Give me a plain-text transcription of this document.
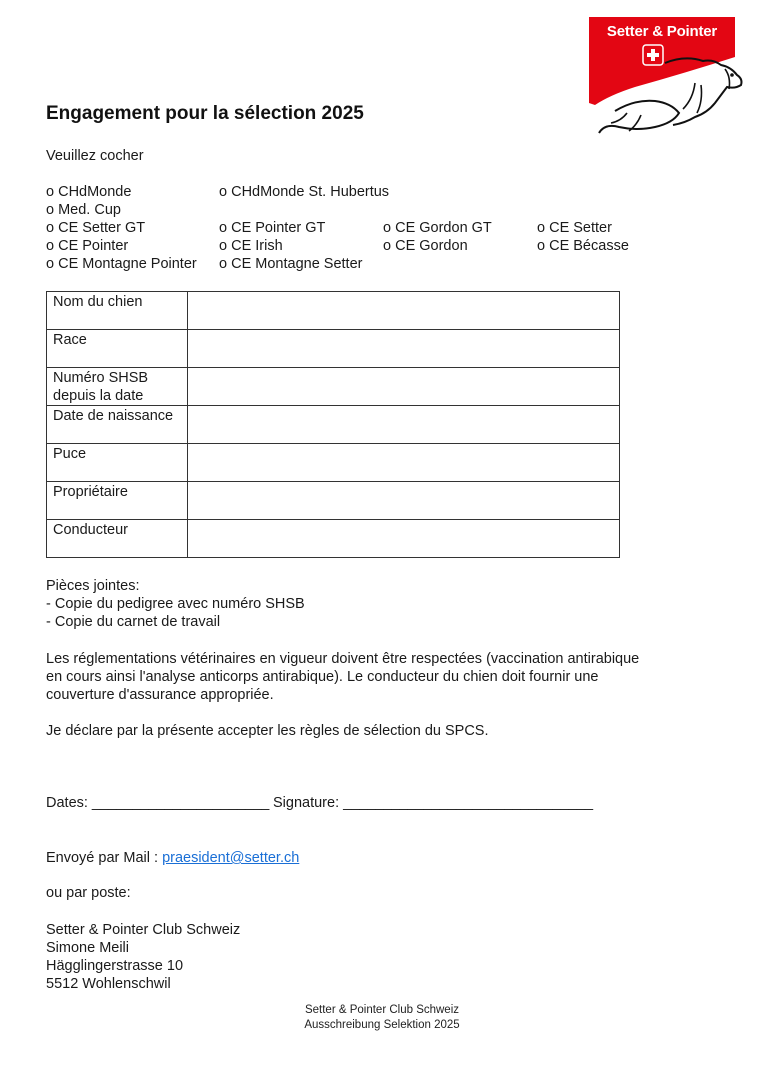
Setter & Pointer
Engagement pour la sélection 2025
Veuillez cocher
o CHdMonde	o CHdMonde St. Hubertus
o Med. Cup
o CE Setter GT	o CE Pointer GT	o CE Gordon GT	o CE Setter
o CE Pointer	o CE Irish	o CE Gordon	o CE Bécasse
o CE Montagne Pointer o CE Montagne Setter
Nom du chien	
Race	
Numéro SHSB depuis la date	
Date de naissance	
Puce	
Propriétaire	
Conducteur	
Pièces jointes:
- Copie du pedigree avec numéro SHSB
- Copie du carnet de travail
Les réglementations vétérinaires en vigueur doivent être respectées (vaccination antirabique
en cours ainsi l'analyse anticorps antirabique). Le conducteur du chien doit fournir une
couverture d'assurance appropriée.
Je déclare par la présente accepter les règles de sélection du SPCS.
Dates: ______________________ Signature: _______________________________
Envoyé par Mail : praesident@setter.ch
ou par poste:
Setter & Pointer Club Schweiz
Simone Meili
Hägglingerstrasse 10
5512 Wohlenschwil
Setter & Pointer Club Schweiz
Ausschreibung Selektion 2025
